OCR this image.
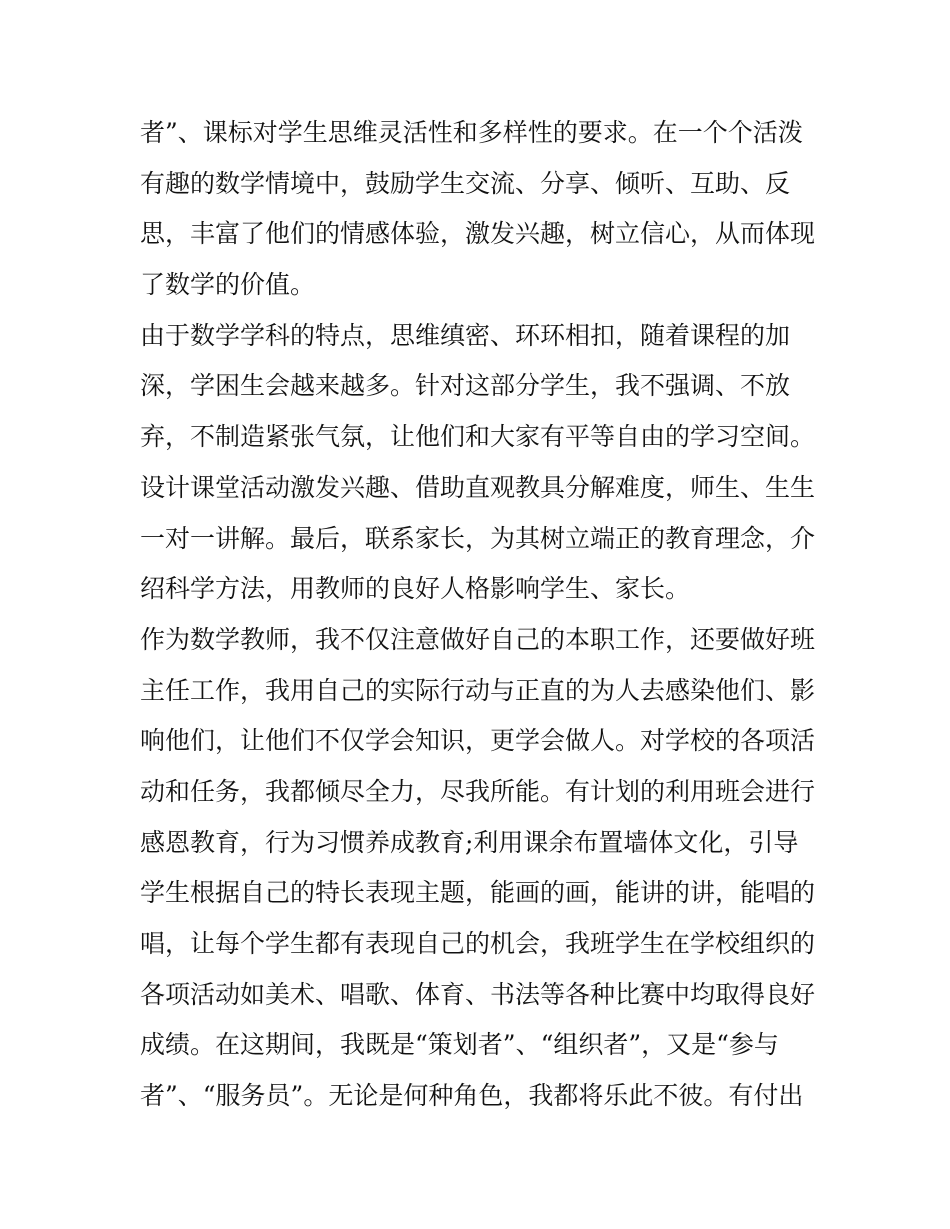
者”、课标对学生思维灵活性和多样性的要求。在一个个活泼
有趣的数学情境中，鼓励学生交流、分享、倾听、互助、反
思，丰富了他们的情感体验，激发兴趣，树立信心，从而体现
了数学的价值。
由于数学学科的特点，思维缜密、环环相扣，随着课程的加
深，学困生会越来越多。针对这部分学生，我不强调、不放
弃，不制造紧张气氛，让他们和大家有平等自由的学习空间。
设计课堂活动激发兴趣、借助直观教具分解难度，师生、生生
一对一讲解。最后，联系家长，为其树立端正的教育理念，介
绍科学方法，用教师的良好人格影响学生、家长。
作为数学教师，我不仅注意做好自己的本职工作，还要做好班
主任工作，我用自己的实际行动与正直的为人去感染他们、影
响他们，让他们不仅学会知识，更学会做人。对学校的各项活
动和任务，我都倾尽全力，尽我所能。有计划的利用班会进行
感恩教育，行为习惯养成教育;利用课余布置墙体文化，引导
学生根据自己的特长表现主题，能画的画，能讲的讲，能唱的
唱，让每个学生都有表现自己的机会，我班学生在学校组织的
各项活动如美术、唱歌、体育、书法等各种比赛中均取得良好
成绩。在这期间，我既是“策划者”、“组织者”，又是“参与
者”、“服务员”。无论是何种角色，我都将乐此不彼。有付出
